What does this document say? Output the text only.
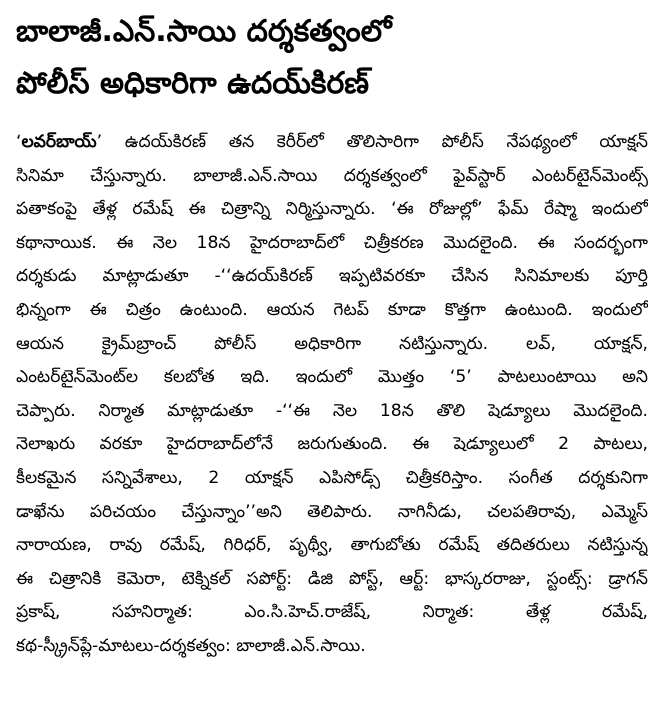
బాలాజీ.ఎన్.సాయి దర్శకత్వంలో
పోలీస్ అధికారిగా ఉదయ్‌కిరణ్
‘లవర్‌బాయ్’ ఉదయ్‌కిరణ్ తన కెరీర్‌లో తొలిసారిగా పోలీస్ నేపథ్యంలో యాక్షన్
సినిమా చేస్తున్నారు. బాలాజీ.ఎన్.సాయి దర్శకత్వంలో ఫైవ్‌స్టార్ ఎంటర్‌టైన్‌మెంట్స్
పతాకంపై తేళ్ల రమేష్ ఈ చిత్రాన్ని నిర్మిస్తున్నారు. ‘ఈ రోజుల్లో’ ఫేమ్ రేష్మా ఇందులో
కథానాయిక. ఈ నెల 18న హైదరాబాద్‌లో చిత్రీకరణ మొదలైంది. ఈ సందర్భంగా
దర్శకుడు మాట్లాడుతూ -‘‘ఉదయ్‌కిరణ్ ఇప్పటివరకూ చేసిన సినిమాలకు పూర్తి
భిన్నంగా ఈ చిత్రం ఉంటుంది. ఆయన గెటప్ కూడా కొత్తగా ఉంటుంది. ఇందులో
ఆయన క్రైమ్‌బ్రాంచ్ పోలీస్ అధికారిగా నటిస్తున్నారు. లవ్, యాక్షన్,
ఎంటర్‌టైన్‌మెంట్‌ల కలబోత ఇది. ఇందులో మొత్తం ‘5’ పాటలుంటాయి అని
చెప్పారు. నిర్మాత మాట్లాడుతూ -‘‘ఈ నెల 18న తొలి షెడ్యూలు మొదలైంది.
నెలాఖరు వరకూ హైదరాబాద్‌లోనే జరుగుతుంది. ఈ షెడ్యూలులో 2 పాటలు,
కీలకమైన సన్నివేశాలు, 2 యాక్షన్ ఎపిసోడ్స్ చిత్రీకరిస్తాం. సంగీత దర్శకునిగా
డాఖేను పరిచయం చేస్తున్నాం’’అని తెలిపారు. నాగినీడు, చలపతిరావు, ఎమ్మెస్
నారాయణ, రావు రమేష్, గిరిధర్, పృథ్వీ, తాగుబోతు రమేష్ తదితరులు నటిస్తున్న
ఈ చిత్రానికి కెమెరా, టెక్నికల్ సపోర్ట్: డిజి పోస్ట్, ఆర్ట్: భాస్కరరాజు, స్టంట్స్: డ్రాగన్
ప్రకాష్, సహనిర్మాత: ఎం.సి.హెచ్.రాజేష్, నిర్మాత: తేళ్ల రమేష్,
కథ-స్క్రీన్‌ప్లే-మాటలు-దర్శకత్వం: బాలాజీ.ఎన్.సాయి.
